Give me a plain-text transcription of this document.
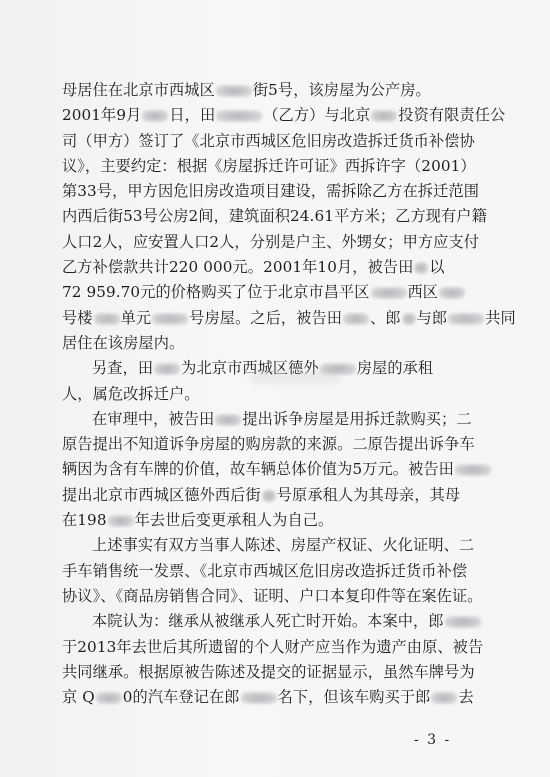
母居住在北京市西城区	街5号，该房屋为公产房。
2001年9月 日，田	（乙方）与北京 投资有限责任公
司（甲方）签订了《北京市西城区危旧房改造拆迁货币补偿协
议》，主要约定：根据《房屋拆迁许可证》西拆许字（2001）
第33号，甲方因危旧房改造项目建设，需拆除乙方在拆迁范围
内西后街53号公房2间，建筑面积24.61平方米；乙方现有户籍
人口2人，应安置人口2人，分别是户主、外甥女；甲方应支付
乙方补偿款共计220 000元。2001年10月，被告田 以
72 959.70元的价格购买了位于北京市昌平区	西区
号楼 单元	号房屋。之后，被告田 、郎 与郎	共同
居住在该房屋内。
另查，田 为北京市西城区德外	房屋的承租
人，属危改拆迁户。
在审理中，被告田 提出诉争房屋是用拆迁款购买；二
原告提出不知道诉争房屋的购房款的来源。二原告提出诉争车
辆因为含有车牌的价值，故车辆总体价值为5万元。被告田
提出北京市西城区德外西后街 号原承租人为其母亲，其母
在198 年去世后变更承租人为自己。
上述事实有双方当事人陈述、房屋产权证、火化证明、二
手车销售统一发票、《北京市西城区危旧房改造拆迁货币补偿
协议》、《商品房销售合同》、证明、户口本复印件等在案佐证。
本院认为：继承从被继承人死亡时开始。本案中，郎
于2013年去世后其所遗留的个人财产应当作为遗产由原、被告
共同继承。根据原被告陈述及提交的证据显示，虽然车牌号为
京 Q 0的汽车登记在郎	名下，但该车购买于郎 去
- 3 -
